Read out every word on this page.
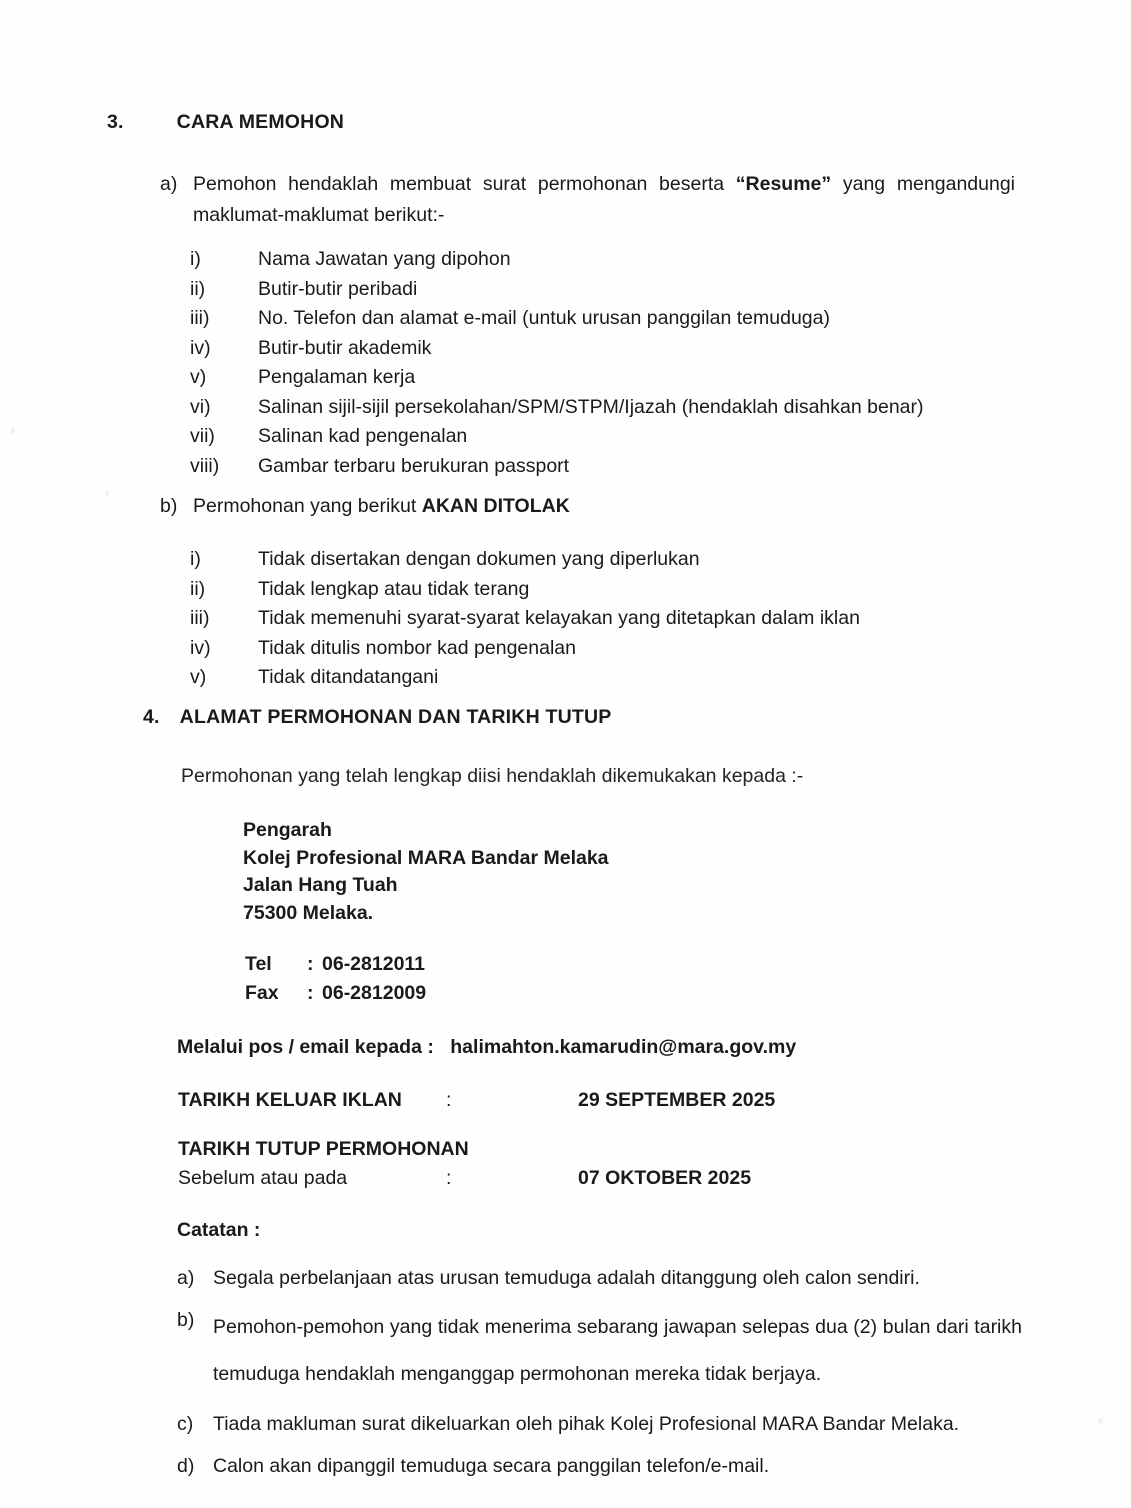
3.	CARA MEMOHON
a) Pemohon hendaklah membuat surat permohonan beserta “Resume” yang mengandungi maklumat-maklumat berikut:-
i)	Nama Jawatan yang dipohon
ii)	Butir-butir peribadi
iii)	No. Telefon dan alamat e-mail (untuk urusan panggilan temuduga)
iv)	Butir-butir akademik
v)	Pengalaman kerja
vi)	Salinan sijil-sijil persekolahan/SPM/STPM/Ijazah (hendaklah disahkan benar)
vii)	Salinan kad pengenalan
viii)	Gambar terbaru berukuran passport
b) Permohonan yang berikut AKAN DITOLAK
i)	Tidak disertakan dengan dokumen yang diperlukan
ii)	Tidak lengkap atau tidak terang
iii)	Tidak memenuhi syarat-syarat kelayakan yang ditetapkan dalam iklan
iv)	Tidak ditulis nombor kad pengenalan
v)	Tidak ditandatangani
4. ALAMAT PERMOHONAN DAN TARIKH TUTUP
Permohonan yang telah lengkap diisi hendaklah dikemukakan kepada :-
Pengarah
Kolej Profesional MARA Bandar Melaka
Jalan Hang Tuah
75300 Melaka.
Tel	: 06-2812011
Fax	: 06-2812009
Melalui pos / email kepada : halimahton.kamarudin@mara.gov.my
TARIKH KELUAR IKLAN	:	29 SEPTEMBER 2025
TARIKH TUTUP PERMOHONAN
Sebelum atau pada	:	07 OKTOBER 2025
Catatan :
a) Segala perbelanjaan atas urusan temuduga adalah ditanggung oleh calon sendiri.
b) Pemohon-pemohon yang tidak menerima sebarang jawapan selepas dua (2) bulan dari tarikh temuduga hendaklah menganggap permohonan mereka tidak berjaya.
c)	Tiada makluman surat dikeluarkan oleh pihak Kolej Profesional MARA Bandar Melaka.
d) Calon akan dipanggil temuduga secara panggilan telefon/e-mail.
